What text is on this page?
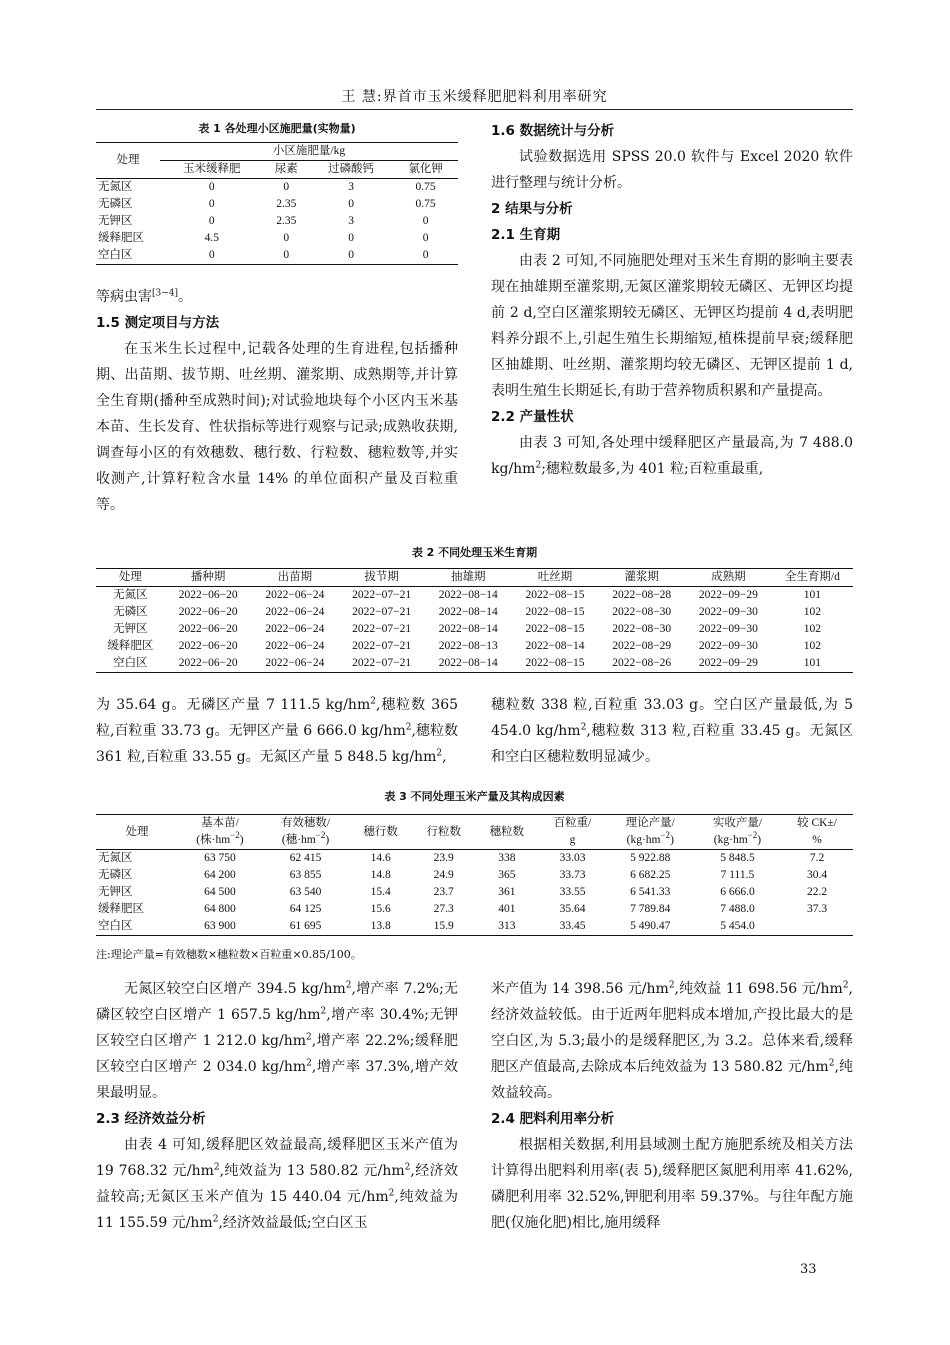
王 慧:界首市玉米缓释肥肥料利用率研究
表 1 各处理小区施肥量(实物量)
处理	小区施肥量/kg			
	玉米缓释肥	尿素	过磷酸钙	氯化钾
无氮区	0	0	3	0.75
无磷区	0	2.35	0	0.75
无钾区	0	2.35	3	0
缓释肥区	4.5	0	0	0
空白区	0	0	0	0

等病虫害[3−4]。

1.5 测定项目与方法

在玉米生长过程中,记载各处理的生育进程,包括播种期、出苗期、拔节期、吐丝期、灌浆期、成熟期等,并计算全生育期(播种至成熟时间);对试验地块每个小区内玉米基本苗、生长发育、性状指标等进行观察与记录;成熟收获期,调查每小区的有效穗数、穗行数、行粒数、穗粒数等,并实收测产,计算籽粒含水量 14% 的单位面积产量及百粒重等。

1.6 数据统计与分析

试验数据选用 SPSS 20.0 软件与 Excel 2020 软件进行整理与统计分析。

2 结果与分析
2.1 生育期

由表 2 可知,不同施肥处理对玉米生育期的影响主要表现在抽雄期至灌浆期,无氮区灌浆期较无磷区、无钾区均提前 2 d,空白区灌浆期较无磷区、无钾区均提前 4 d,表明肥料养分跟不上,引起生殖生长期缩短,植株提前早衰;缓释肥区抽雄期、吐丝期、灌浆期均较无磷区、无钾区提前 1 d,表明生殖生长期延长,有助于营养物质积累和产量提高。

2.2 产量性状

由表 3 可知,各处理中缓释肥区产量最高,为 7 488.0 $kg/hm^2$;穗粒数最多,为 401 粒;百粒重最重,

表 2 不同处理玉米生育期
处理	播种期	出苗期	拔节期	抽雄期	吐丝期	灌浆期	成熟期	全生育期/d
无氮区	2022−06−20	2022−06−24	2022−07−21	2022−08−14	2022−08−15	2022−08−28	2022−09−29	101
无磷区	2022−06−20	2022−06−24	2022−07−21	2022−08−14	2022−08−15	2022−08−30	2022−09−30	102
无钾区	2022−06−20	2022−06−24	2022−07−21	2022−08−14	2022−08−15	2022−08−30	2022−09−30	102
缓释肥区	2022−06−20	2022−06−24	2022−07−21	2022−08−13	2022−08−14	2022−08−29	2022−09−30	102
空白区	2022−06−20	2022−06−24	2022−07−21	2022−08−14	2022−08−15	2022−08−26	2022−09−29	101

为 35.64 g。无磷区产量 7 111.5 $kg/hm^2$,穗粒数 365 粒,百粒重 33.73 g。无钾区产量 6 666.0 $kg/hm^2$,穗粒数 361 粒,百粒重 33.55 g。无氮区产量 5 848.5 $kg/hm^2$,

穗粒数 338 粒,百粒重 33.03 g。空白区产量最低,为 5 454.0 $kg/hm^2$,穗粒数 313 粒,百粒重 33.45 g。无氮区和空白区穗粒数明显减少。

表 3 不同处理玉米产量及其构成因素
处理	基本苗/	有效穗数/	穗行数	行粒数	穗粒数	百粒重/	理论产量/	实收产量/	较 CK±/
	(株$\cdot hm^{-2}$)	(穗$\cdot hm^{-2}$)				g	$(kg\cdot hm^{-2})$	$(kg\cdot hm^{-2})$	%
无氮区	63 750	62 415	14.6	23.9	338	33.03	5 922.88	5 848.5	7.2
无磷区	64 200	63 855	14.8	24.9	365	33.73	6 682.25	7 111.5	30.4
无钾区	64 500	63 540	15.4	23.7	361	33.55	6 541.33	6 666.0	22.2
缓释肥区	64 800	64 125	15.6	27.3	401	35.64	7 789.84	7 488.0	37.3
空白区	63 900	61 695	13.8	15.9	313	33.45	5 490.47	5 454.0	
注:理论产量=有效穗数×穗粒数×百粒重×0.85/100。

无氮区较空白区增产 394.5 $kg/hm^2$,增产率 7.2%;无磷区较空白区增产 1 657.5 $kg/hm^2$,增产率 30.4%;无钾区较空白区增产 1 212.0 $kg/hm^2$,增产率 22.2%;缓释肥区较空白区增产 2 034.0 $kg/hm^2$,增产率 37.3%,增产效果最明显。

2.3 经济效益分析

由表 4 可知,缓释肥区效益最高,缓释肥区玉米产值为 19 768.32 元$/hm^2$,纯效益为 13 580.82 元$/hm^2$,经济效益较高;无氮区玉米产值为 15 440.04 元$/hm^2$,纯效益为 11 155.59 元$/hm^2$,经济效益最低;空白区玉

米产值为 14 398.56 元$/hm^2$,纯效益 11 698.56 元$/hm^2$,经济效益较低。由于近两年肥料成本增加,产投比最大的是空白区,为 5.3;最小的是缓释肥区,为 3.2。总体来看,缓释肥区产值最高,去除成本后纯效益为 13 580.82 元$/hm^2$,纯效益较高。

2.4 肥料利用率分析

根据相关数据,利用县域测土配方施肥系统及相关方法计算得出肥料利用率(表 5),缓释肥区氮肥利用率 41.62%,磷肥利用率 32.52%,钾肥利用率 59.37%。与往年配方施肥(仅施化肥)相比,施用缓释

33
